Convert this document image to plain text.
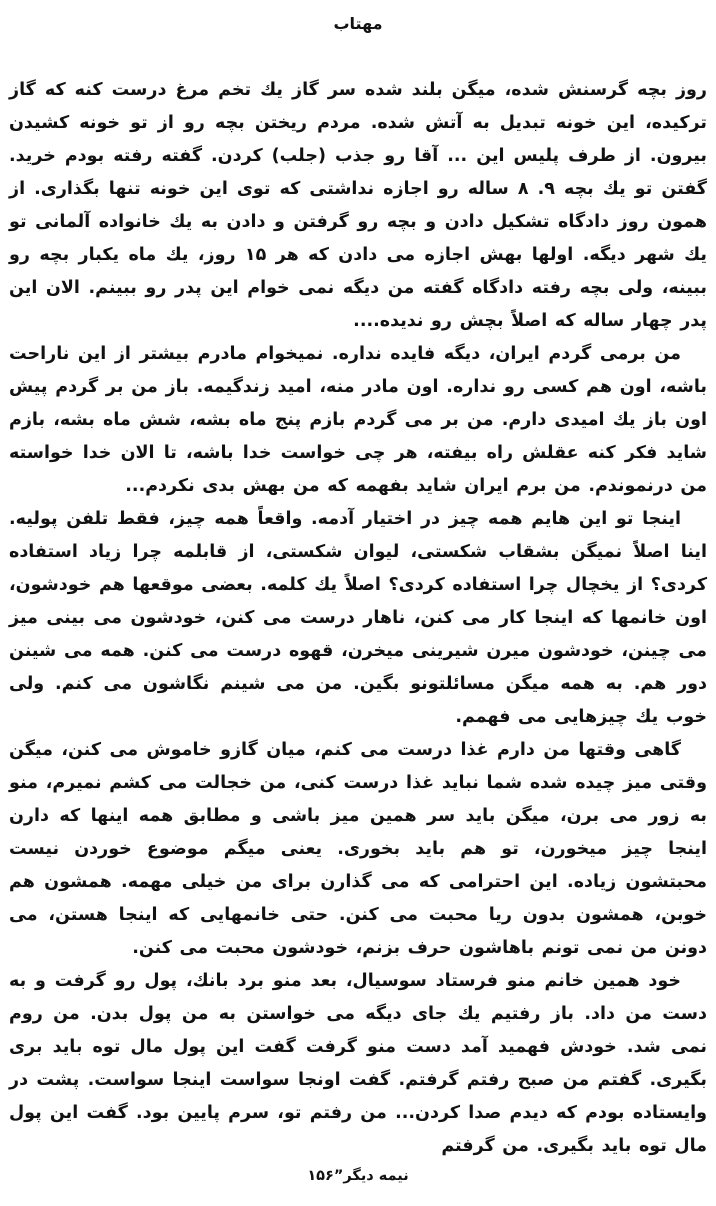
مهتاب

روز بچه گرسنش شده، میگن بلند شده سر گاز یك تخم مرغ درست کنه که گاز ترکیده، این خونه تبدیل به آتش شده. مردم ریختن بچه رو از تو خونه کشیدن بیرون. از طرف پلیس این ... آقا رو جذب (جلب) کردن. گفته رفته بودم خرید. گفتن تو یك بچه ۹. ۸ ساله رو اجازه نداشتی که توی این خونه تنها بگذاری. از همون روز دادگاه تشکیل دادن و بچه رو گرفتن و دادن به یك خانواده آلمانی تو یك شهر دیگه. اولها بهش اجازه می دادن که هر ۱۵ روز، یك ماه یکبار بچه رو ببینه، ولی بچه رفته دادگاه گفته من دیگه نمی خوام این پدر رو ببینم. الان این پدر چهار ساله که اصلاً بچش رو ندیده....

من برمی گردم ایران، دیگه فایده نداره. نمیخوام مادرم بیشتر از این ناراحت باشه، اون هم کسی رو نداره. اون مادر منه، امید زندگیمه. باز من بر گردم پیش اون باز یك امیدی دارم. من بر می گردم بازم پنج ماه بشه، شش ماه بشه، بازم شاید فکر کنه عقلش راه بیفته، هر چی خواست خدا باشه، تا الان خدا خواسته من درنموندم. من برم ایران شاید بفهمه که من بهش بدی نکردم...

اینجا تو این هایم همه چیز در اختیار آدمه. واقعاً همه چیز، فقط تلفن پولیه. اینا اصلاً نمیگن بشقاب شکستی، لیوان شکستی، از قابلمه چرا زیاد استفاده کردی؟ از یخچال چرا استفاده کردی؟ اصلاً یك کلمه. بعضی موقعها هم خودشون، اون خانمها که اینجا کار می کنن، ناهار درست می کنن، خودشون می بینی میز می چینن، خودشون میرن شیرینی میخرن، قهوه درست می کنن. همه می شینن دور هم. به همه میگن مسائلتونو بگین. من می شینم نگاشون می کنم. ولی خوب یك چیزهایی می فهمم.

گاهی وقتها من دارم غذا درست می کنم، میان گازو خاموش می کنن، میگن وقتی میز چیده شده شما نباید غذا درست کنی، من خجالت می کشم نمیرم، منو به زور می برن، میگن باید سر همین میز باشی و مطابق همه اینها که دارن اینجا چیز میخورن، تو هم باید بخوری. یعنی میگم موضوع خوردن نیست محبتشون زیاده. این احترامی که می گذارن برای من خیلی مهمه. همشون هم خوبن، همشون بدون ریا محبت می کنن. حتی خانمهایی که اینجا هستن، می دونن من نمی تونم باهاشون حرف بزنم، خودشون محبت می کنن.

خود همین خانم منو فرستاد سوسیال، بعد منو برد بانك، پول رو گرفت و به دست من داد. باز رفتیم یك جای دیگه می خواستن به من پول بدن. من روم نمی شد. خودش فهمید آمد دست منو گرفت گفت این پول مال توه باید بری بگیری. گفتم من صبح رفتم گرفتم. گفت اونجا سواست اینجا سواست. پشت در وایستاده بودم که دیدم صدا کردن... من رفتم تو، سرم پایین بود. گفت این پول مال توه باید بگیری. من گرفتم

نیمه دیگر”۱۵۶
